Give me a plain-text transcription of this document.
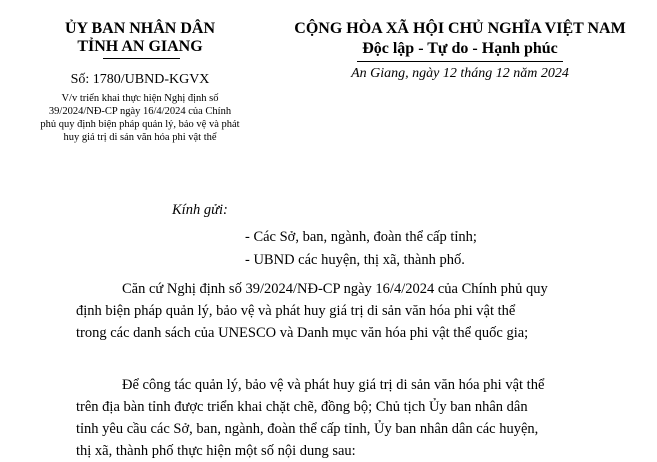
ỦY BAN NHÂN DÂN
TỈNH AN GIANG
Số: 1780/UBND-KGVX
V/v triển khai thực hiện Nghị định số
39/2024/NĐ-CP ngày 16/4/2024 của Chính
phủ quy định biện pháp quản lý, bảo vệ và phát
huy giá trị di sản văn hóa phi vật thể
CỘNG HÒA XÃ HỘI CHỦ NGHĨA VIỆT NAM
Độc lập - Tự do - Hạnh phúc
An Giang, ngày 12 tháng 12 năm 2024
Kính gửi:
- Các Sở, ban, ngành, đoàn thể cấp tỉnh;
- UBND các huyện, thị xã, thành phố.
Căn cứ Nghị định số 39/2024/NĐ-CP ngày 16/4/2024 của Chính phủ quy
định biện pháp quản lý, bảo vệ và phát huy giá trị di sản văn hóa phi vật thể
trong các danh sách của UNESCO và Danh mục văn hóa phi vật thể quốc gia;
Để công tác quản lý, bảo vệ và phát huy giá trị di sản văn hóa phi vật thể
trên địa bàn tỉnh được triển khai chặt chẽ, đồng bộ; Chủ tịch Ủy ban nhân dân
tỉnh yêu cầu các Sở, ban, ngành, đoàn thể cấp tỉnh, Ủy ban nhân dân các huyện,
thị xã, thành phố thực hiện một số nội dung sau:
